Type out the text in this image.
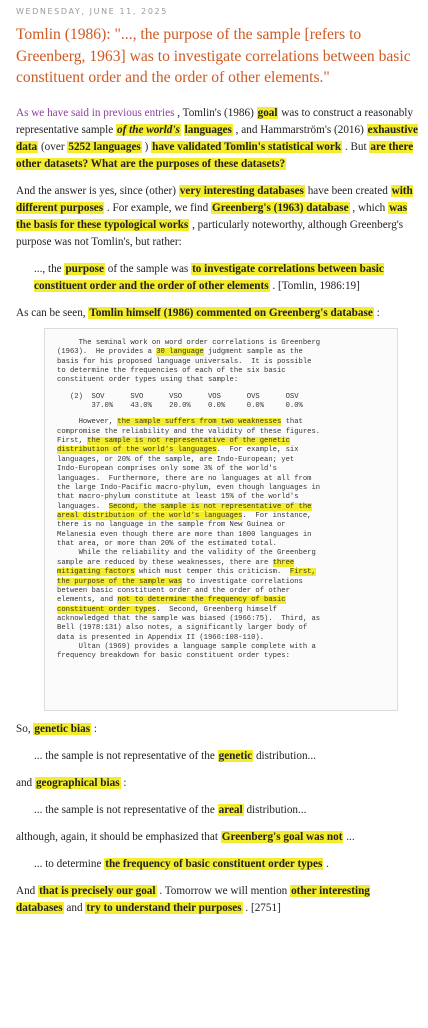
WEDNESDAY, JUNE 11, 2025
Tomlin (1986): "..., the purpose of the sample [refers to Greenberg, 1963] was to investigate correlations between basic constituent order and the order of other elements."

As we have said in previous entries , Tomlin's (1986) goal was to construct a reasonably representative sample of the world's languages , and Hammarström's (2016) exhaustive data (over 5252 languages ) have validated Tomlin's statistical work . But are there other datasets? What are the purposes of these datasets?

And the answer is yes, since (other) very interesting databases have been created with different purposes . For example, we find Greenberg's (1963) database , which was the basis for these typological works , particularly noteworthy, although Greenberg's purpose was not Tomlin's, but rather:

..., the purpose of the sample was to investigate correlations between basic constituent order and the order of other elements . [Tomlin, 1986:19]

As can be seen, Tomlin himself (1986) commented on Greenberg's database :

The seminal work on word order correlations is Greenberg
(1963).  He provides a 30 language judgment sample as the
basis for his proposed language universals.  It is possible
to determine the frequencies of each of the six basic
constituent order types using that sample:
(2)  SOV      SVO      VSO      VOS      OVS      OSV
37.0%    43.0%    20.0%    0.0%     0.0%     0.0%
However, the sample suffers from two weaknesses that
compromise the reliability and the validity of these figures.
First, the sample is not representative of the genetic
distribution of the world's languages.  For example, six
languages, or 20% of the sample, are Indo-European; yet
Indo-European comprises only some 3% of the world's
languages.  Furthermore, there are no languages at all from
the large Indo-Pacific macro-phylum, even though languages in
that macro-phylum constitute at least 15% of the world's
languages.  Second, the sample is not representative of the
areal distribution of the world's languages.  For instance,
there is no language in the sample from New Guinea or
Melanesia even though there are more than 1000 languages in
that area, or more than 20% of the estimated total.
While the reliability and the validity of the Greenberg
sample are reduced by these weaknesses, there are three
mitigating factors which must temper this criticism.  First,
the purpose of the sample was to investigate correlations
between basic constituent order and the order of other
elements, and not to determine the frequency of basic
constituent order types.  Second, Greenberg himself
acknowledged that the sample was biased (1966:75).  Third, as
Bell (1978:131) also notes, a significantly larger body of
data is presented in Appendix II (1966:108-110).
Ultan (1969) provides a language sample complete with a
frequency breakdown for basic constituent order types:

So, genetic bias :

... the sample is not representative of the genetic distribution...

and geographical bias :

... the sample is not representative of the areal distribution...

although, again, it should be emphasized that Greenberg's goal was not ...

... to determine the frequency of basic constituent order types .

And that is precisely our goal . Tomorrow we will mention other interesting databases and try to understand their purposes . [2751]
